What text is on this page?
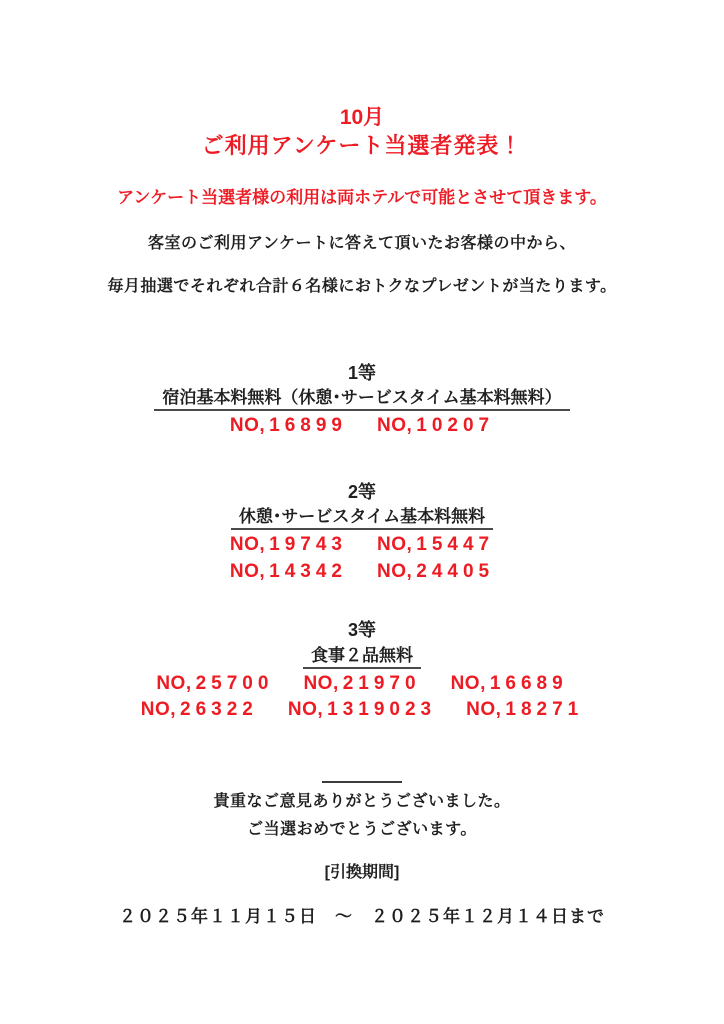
10月
ご利用アンケート当選者発表！
アンケート当選者様の利用は両ホテルで可能とさせて頂きます。
客室のご利用アンケートに答えて頂いたお客様の中から、
毎月抽選でそれぞれ合計６名様におトクなプレゼントが当たります。
1等
宿泊基本料無料（休憩･サービスタイム基本料無料）
NO, 16899 NO, 10207
2等
休憩･サービスタイム基本料無料
NO, 19743 NO, 15447
NO, 14342 NO, 24405
3等
食事２品無料
NO, 25700 NO, 21970 NO, 16689
NO, 26322 NO, 1319023 NO, 18271
貴重なご意見ありがとうございました。
ご当選おめでとうございます。
[引換期間]
２０２５年１１月１５日　～　２０２５年１２月１４日まで
